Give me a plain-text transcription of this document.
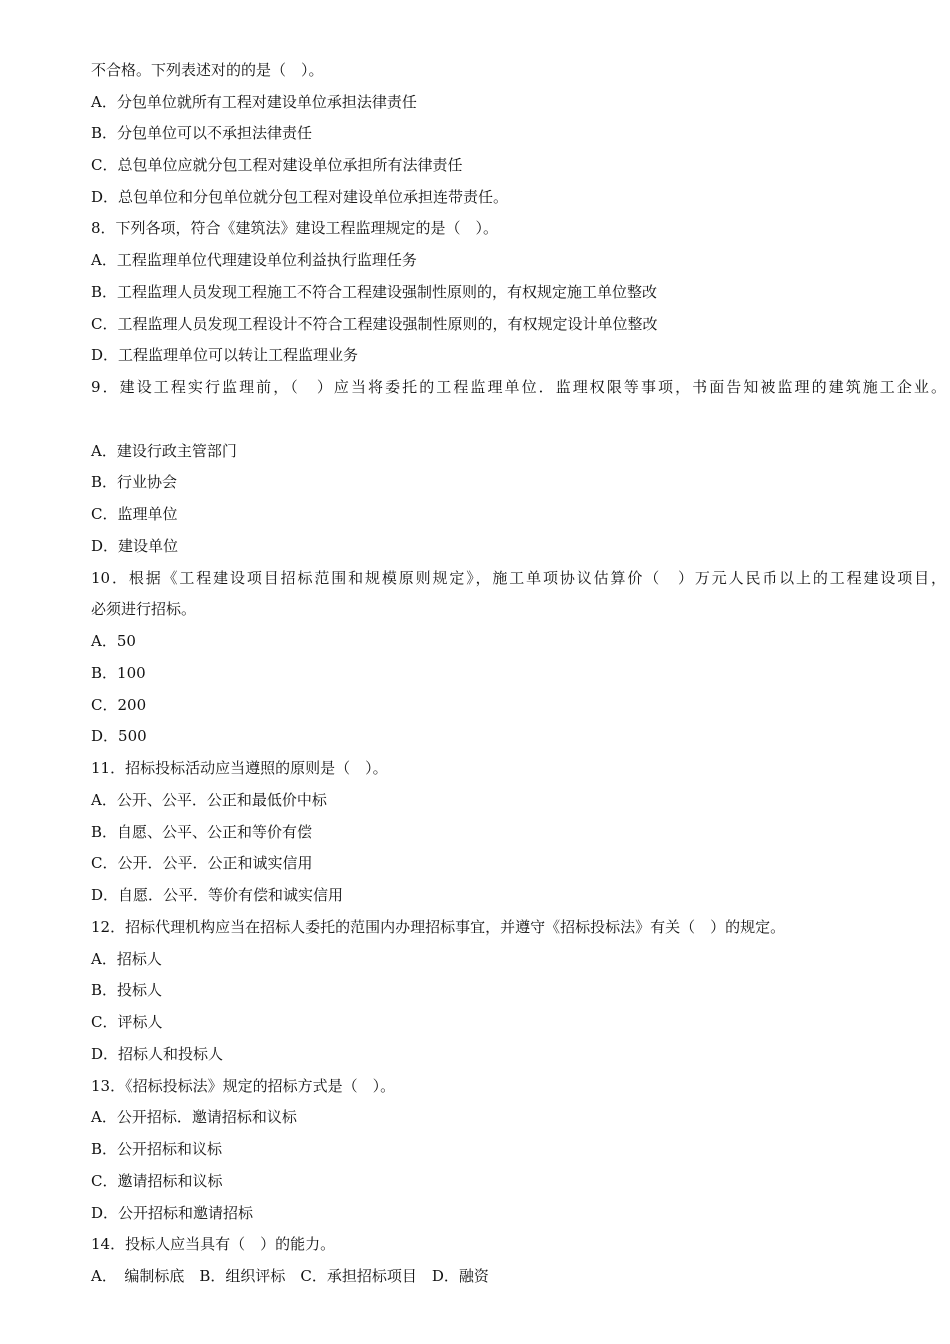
不合格。下列表述对的的是（　）。
A．分包单位就所有工程对建设单位承担法律责任
B．分包单位可以不承担法律责任
C．总包单位应就分包工程对建设单位承担所有法律责任
D．总包单位和分包单位就分包工程对建设单位承担连带责任。
8．下列各项，符合《建筑法》建设工程监理规定的是（　）。
A．工程监理单位代理建设单位利益执行监理任务
B．工程监理人员发现工程施工不符合工程建设强制性原则的，有权规定施工单位整改
C．工程监理人员发现工程设计不符合工程建设强制性原则的，有权规定设计单位整改
D．工程监理单位可以转让工程监理业务
9．建设工程实行监理前，（　）应当将委托的工程监理单位．监理权限等事项，书面告知被监理的建筑施工企业。
A．建设行政主管部门
B．行业协会
C．监理单位
D．建设单位
10．根据《工程建设项目招标范围和规模原则规定》，施工单项协议估算价（　）万元人民币以上的工程建设项目，
必须进行招标。
A．50
B．100
C．200
D．500
11．招标投标活动应当遵照的原则是（　）。
A．公开、公平．公正和最低价中标
B．自愿、公平、公正和等价有偿
C．公开．公平．公正和诚实信用
D．自愿．公平．等价有偿和诚实信用
12．招标代理机构应当在招标人委托的范围内办理招标事宜，并遵守《招标投标法》有关（　）的规定。
A．招标人
B．投标人
C．评标人
D．招标人和投标人
13．《招标投标法》规定的招标方式是（　）。
A．公开招标．邀请招标和议标
B．公开招标和议标
C．邀请招标和议标
D．公开招标和邀请招标
14．投标人应当具有（　）的能力。
A．　编制标底　B．组织评标　C．承担招标项目　D．融资
